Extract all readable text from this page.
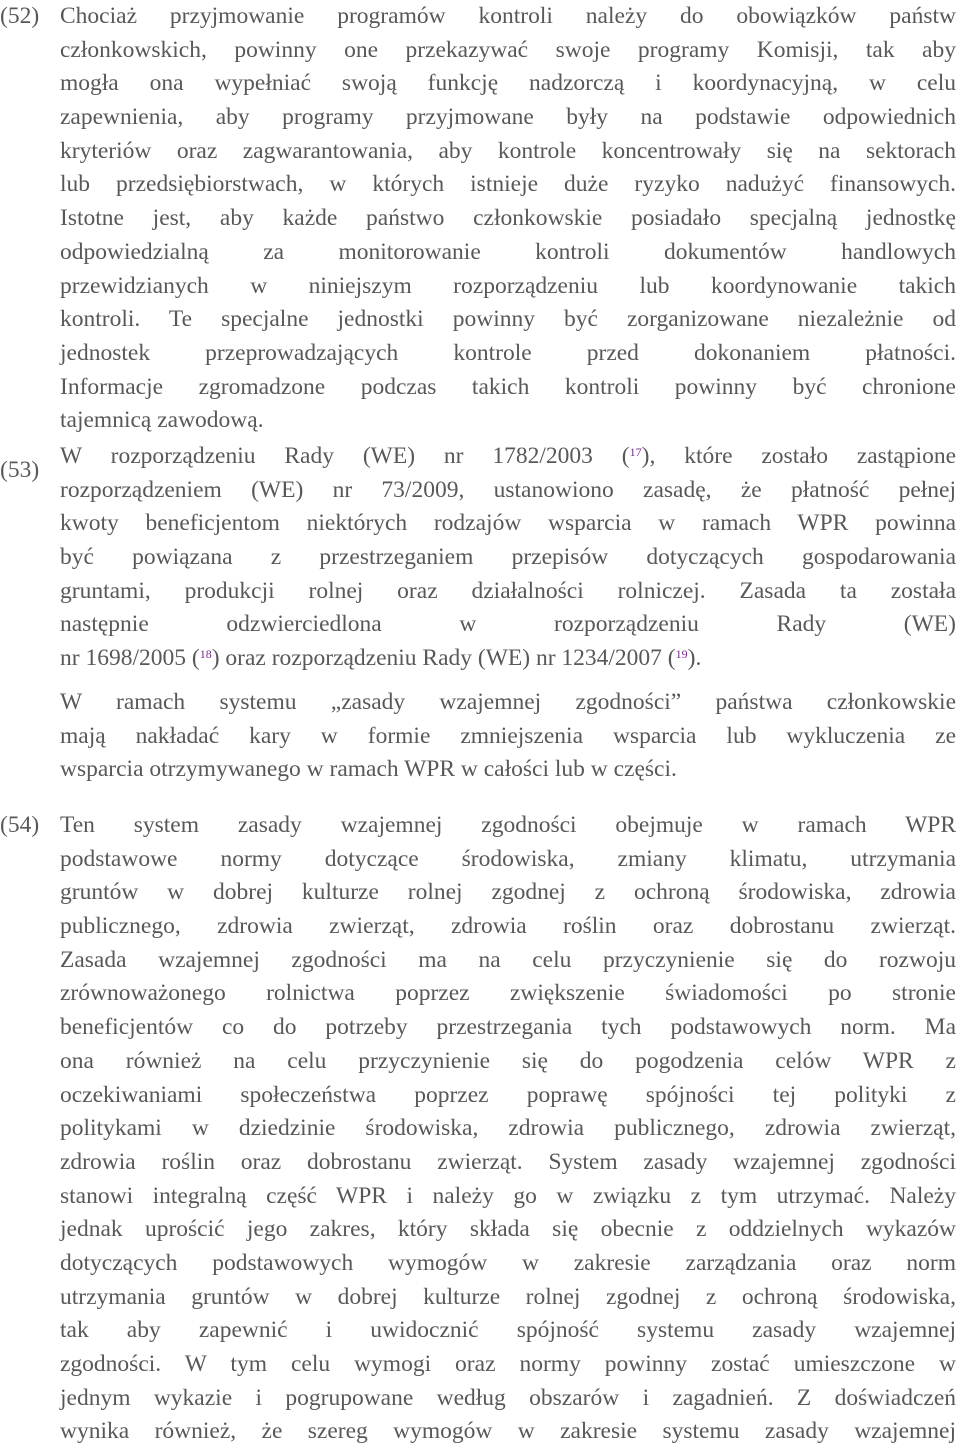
(52) Chociaż przyjmowanie programów kontroli należy do obowiązków państw
członkowskich, powinny one przekazywać swoje programy Komisji, tak aby
mogła ona wypełniać swoją funkcję nadzorczą i koordynacyjną, w celu
zapewnienia, aby programy przyjmowane były na podstawie odpowiednich
kryteriów oraz zagwarantowania, aby kontrole koncentrowały się na sektorach
lub przedsiębiorstwach, w których istnieje duże ryzyko nadużyć finansowych.
Istotne jest, aby każde państwo członkowskie posiadało specjalną jednostkę
odpowiedzialną za monitorowanie kontroli dokumentów handlowych
przewidzianych w niniejszym rozporządzeniu lub koordynowanie takich
kontroli. Te specjalne jednostki powinny być zorganizowane niezależnie od
jednostek przeprowadzających kontrole przed dokonaniem płatności.
Informacje zgromadzone podczas takich kontroli powinny być chronione
tajemnicą zawodową.
(53)
W rozporządzeniu Rady (WE) nr 1782/2003 ($^{17}$), które zostało zastąpione
rozporządzeniem (WE) nr 73/2009, ustanowiono zasadę, że płatność pełnej
kwoty beneficjentom niektórych rodzajów wsparcia w ramach WPR powinna
być powiązana z przestrzeganiem przepisów dotyczących gospodarowania
gruntami, produkcji rolnej oraz działalności rolniczej. Zasada ta została
następnie odzwierciedlona w rozporządzeniu Rady (WE)
nr 1698/2005 ($^{18}$) oraz rozporządzeniu Rady (WE) nr 1234/2007 ($^{19}$).
W ramach systemu „zasady wzajemnej zgodności” państwa członkowskie
mają nakładać kary w formie zmniejszenia wsparcia lub wykluczenia ze
wsparcia otrzymywanego w ramach WPR w całości lub w części.
(54) Ten system zasady wzajemnej zgodności obejmuje w ramach WPR
podstawowe normy dotyczące środowiska, zmiany klimatu, utrzymania
gruntów w dobrej kulturze rolnej zgodnej z ochroną środowiska, zdrowia
publicznego, zdrowia zwierząt, zdrowia roślin oraz dobrostanu zwierząt.
Zasada wzajemnej zgodności ma na celu przyczynienie się do rozwoju
zrównoważonego rolnictwa poprzez zwiększenie świadomości po stronie
beneficjentów co do potrzeby przestrzegania tych podstawowych norm. Ma
ona również na celu przyczynienie się do pogodzenia celów WPR z
oczekiwaniami społeczeństwa poprzez poprawę spójności tej polityki z
politykami w dziedzinie środowiska, zdrowia publicznego, zdrowia zwierząt,
zdrowia roślin oraz dobrostanu zwierząt. System zasady wzajemnej zgodności
stanowi integralną część WPR i należy go w związku z tym utrzymać. Należy
jednak uprościć jego zakres, który składa się obecnie z oddzielnych wykazów
dotyczących podstawowych wymogów w zakresie zarządzania oraz norm
utrzymania gruntów w dobrej kulturze rolnej zgodnej z ochroną środowiska,
tak aby zapewnić i uwidocznić spójność systemu zasady wzajemnej
zgodności. W tym celu wymogi oraz normy powinny zostać umieszczone w
jednym wykazie i pogrupowane według obszarów i zagadnień. Z doświadczeń
wynika również, że szereg wymogów w zakresie systemu zasady wzajemnej
